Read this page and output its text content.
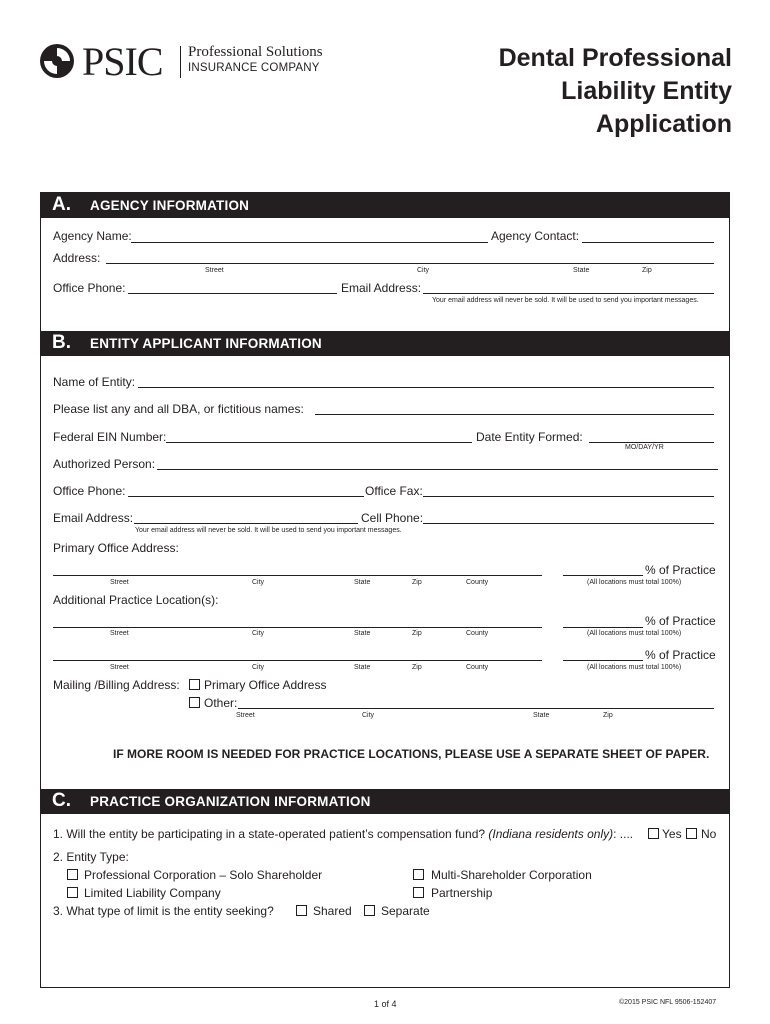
PSIC Professional Solutions
INSURANCE COMPANY	Dental Professional
Liability Entity
Application
A. AGENCY INFORMATION
Agency Name:	Agency Contact:
Address:
Street	City	State	Zip
Office Phone:	Email Address:
Your email address will never be sold. It will be used to send you important messages.
B. ENTITY APPLICANT INFORMATION
Name of Entity:
Please list any and all DBA, or fictitious names:
Federal EIN Number:	Date Entity Formed:
MO/DAY/YR
Authorized Person:
Office Phone:	Office Fax:
Email Address:
Your email address will never be sold. It will be used to send you important messages.
Cell Phone:
Primary Office Address:
% of Practice
Street	City	State	Zip	County	(All locations must total 100%)
Additional Practice Location(s):
% of Practice
Street	City	State	Zip	County	(All locations must total 100%)
% of Practice
Street	City	State	Zip	County	(All locations must total 100%)
Mailing /Billing Address: Primary Office Address
Other:
Street	City	State	Zip
IF MORE ROOM IS NEEDED FOR PRACTICE LOCATIONS, PLEASE USE A SEPARATE SHEET OF PAPER.
C. PRACTICE ORGANIZATION INFORMATION
1. Will the entity be participating in a state-operated patient’s compensation fund? (Indiana residents only): .... Yes No
2. Entity Type:
Professional Corporation – Solo Shareholder	Multi-Shareholder Corporation
Limited Liability Company	Partnership
3. What type of limit is the entity seeking?	Shared Separate
1 of 4	©2015 PSIC NFL 9506-152407
